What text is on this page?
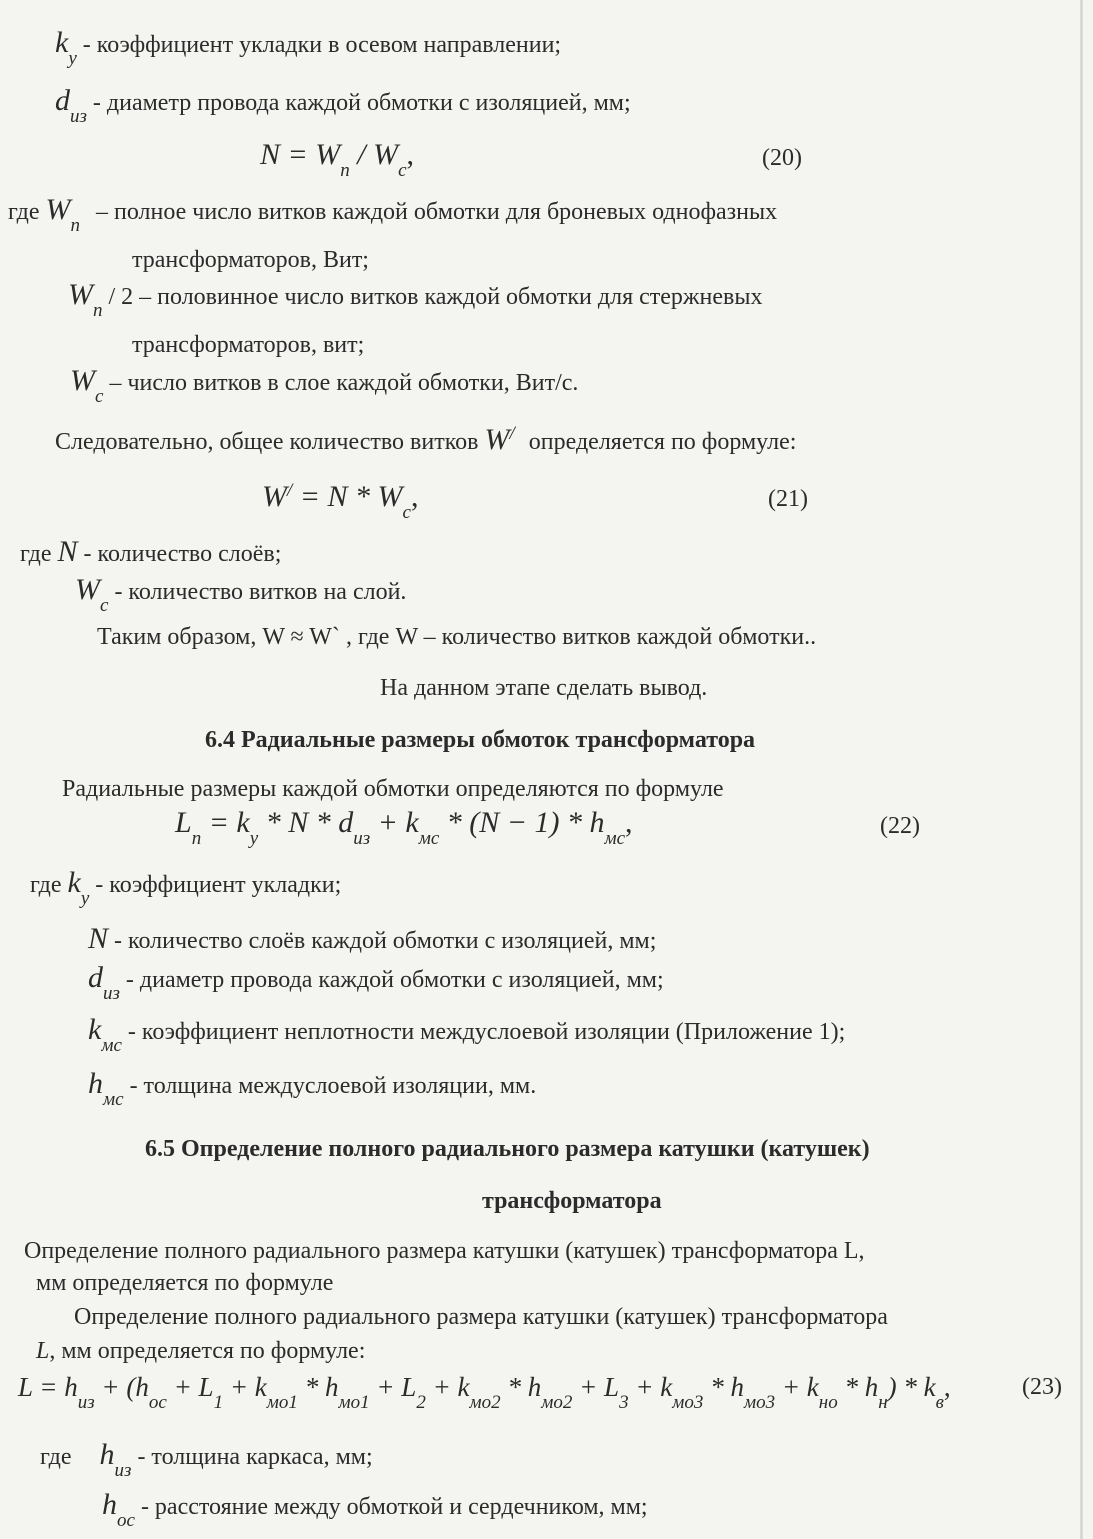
$k_y$ - коэффициент укладки в осевом направлении;
$d_{из}$ - диаметр провода каждой обмотки с изоляцией, мм;
$N = W_n / W_c$,	(20)
где $W_n$ – полное число витков каждой обмотки для броневых однофазных
трансформаторов, Вит;
$W_n / 2$ – половинное число витков каждой обмотки для стержневых
трансформаторов, вит;
$W_c$ – число витков в слое каждой обмотки, Вит/с.
Следовательно, общее количество витков W/ определяется по формуле:
$W^/ = N * W_c$,	(21)
где N - количество слоёв;
$W_c$ - количество витков на слой.
Таким образом, W ≈ W` , где W – количество витков каждой обмотки..
На данном этапе сделать вывод.
6.4 Радиальные размеры обмоток трансформатора
Радиальные размеры каждой обмотки определяются по формуле
$L_n = k_y * N * d_{из} + k_{мс} * (N - 1) * h_{мс}$,	(22)
где $k_y$ - коэффициент укладки;
N - количество слоёв каждой обмотки с изоляцией, мм;
$d_{из}$ - диаметр провода каждой обмотки с изоляцией, мм;
$k_{мс}$ - коэффициент неплотности междуслоевой изоляции (Приложение 1);
$h_{мс}$ - толщина междуслоевой изоляции, мм.
6.5 Определение полного радиального размера катушки (катушек)
трансформатора
Определение полного радиального размера катушки (катушек) трансформатора L,
мм определяется по формуле
Определение полного радиального размера катушки (катушек) трансформатора
L, мм определяется по формуле:
L = hиз + (hос + L1 + kмо1 * hмо1 + L2 + kмо2 * hмо2 + L3 + kмо3 * hмо3 + kно * hн) * kв,	(23)
где $h_{из}$ - толщина каркаса, мм;
$h_{ос}$ - расстояние между обмоткой и сердечником, мм;
